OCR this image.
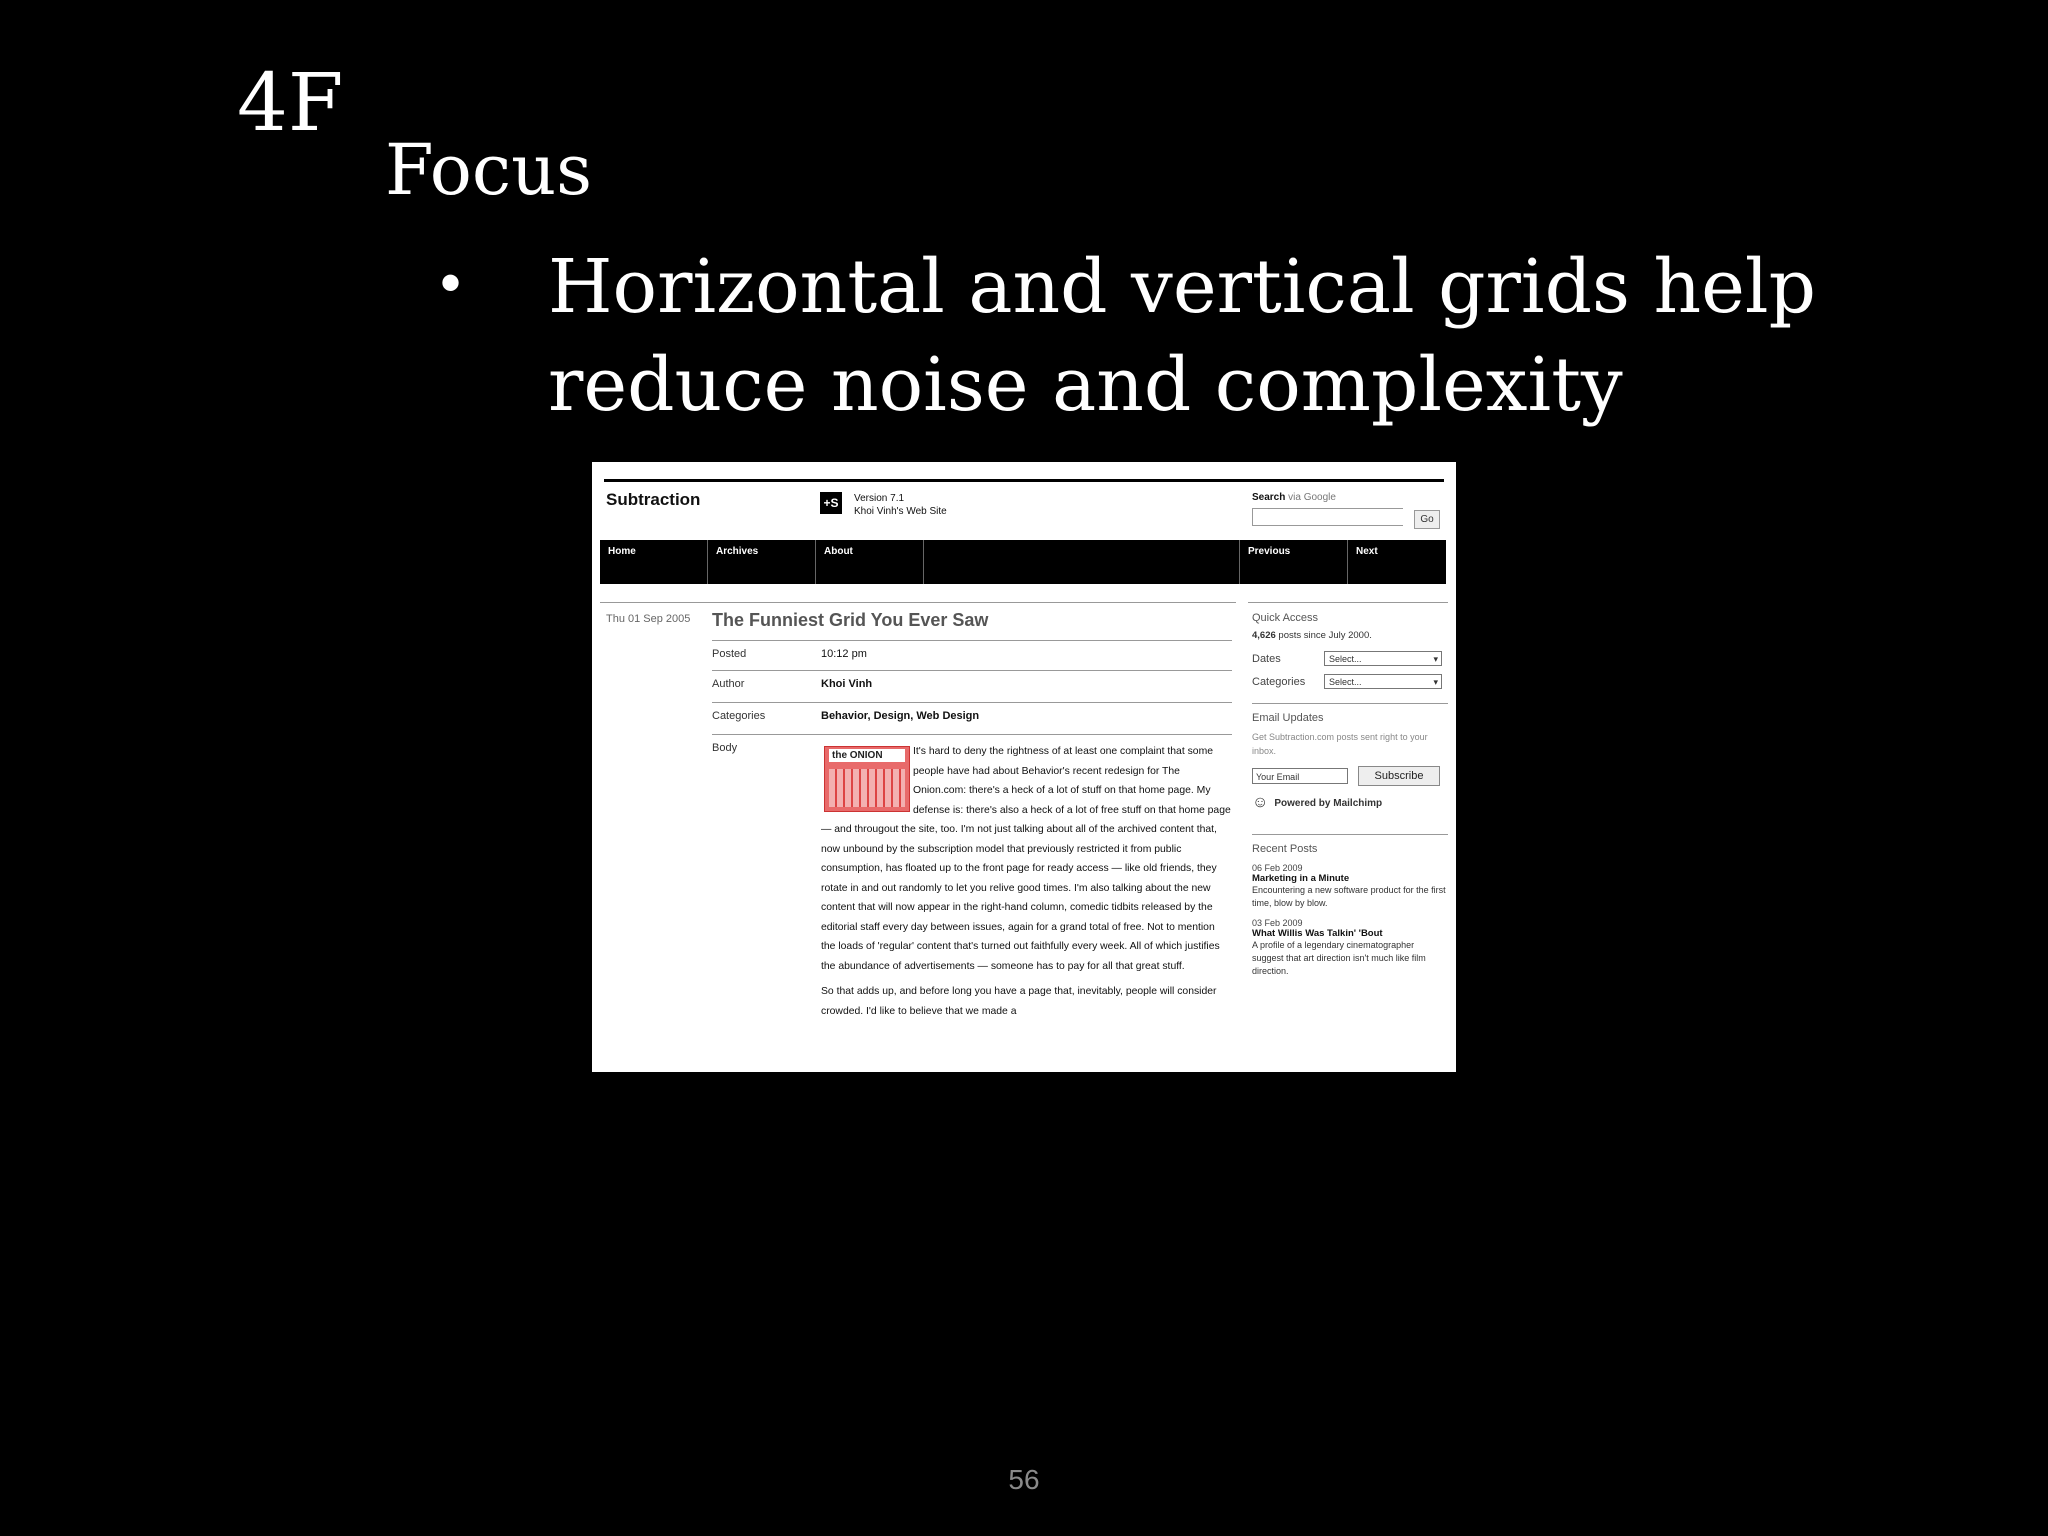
4F
Focus
• Horizontal and vertical grids help reduce noise and complexity
Subtraction	+S	Version 7.1
Khoi Vinh's Web Site
Search via Google
Go
Home	Archives	About	Previous	Next
Thu 01 Sep 2005	The Funniest Grid You Ever Saw
Posted	10:12 pm
Author	Khoi Vinh
Categories	Behavior, Design, Web Design
Body
the ONION	It's hard to deny the rightness of at least one complaint that some people have had about Behavior's recent redesign for The Onion.com: there's a heck of a lot of stuff on that home page. My defense is: there's also a heck of a lot of free stuff on that home page — and througout the site, too. I'm not just talking about all of the archived content that, now unbound by the subscription model that previously restricted it from public consumption, has floated up to the front page for ready access — like old friends, they rotate in and out randomly to let you relive good times. I'm also talking about the new content that will now appear in the right-hand column, comedic tidbits released by the editorial staff every day between issues, again for a grand total of free. Not to mention the loads of 'regular' content that's turned out faithfully every week. All of which justifies the abundance of advertisements — someone has to pay for all that great stuff.

So that adds up, and before long you have a page that, inevitably, people will consider crowded. I'd like to believe that we made a

Quick Access
4,626 posts since July 2000.
Dates	Select... ▾
Categories	Select... ▾
Email Updates
Get Subtraction.com posts sent right to your inbox.
Your Email	Subscribe
☺ Powered by Mailchimp
Recent Posts
06 Feb 2009
Marketing in a Minute
Encountering a new software product for the first time, blow by blow.
03 Feb 2009
What Willis Was Talkin' 'Bout
A profile of a legendary cinematographer suggest that art direction isn't much like film direction.
56
